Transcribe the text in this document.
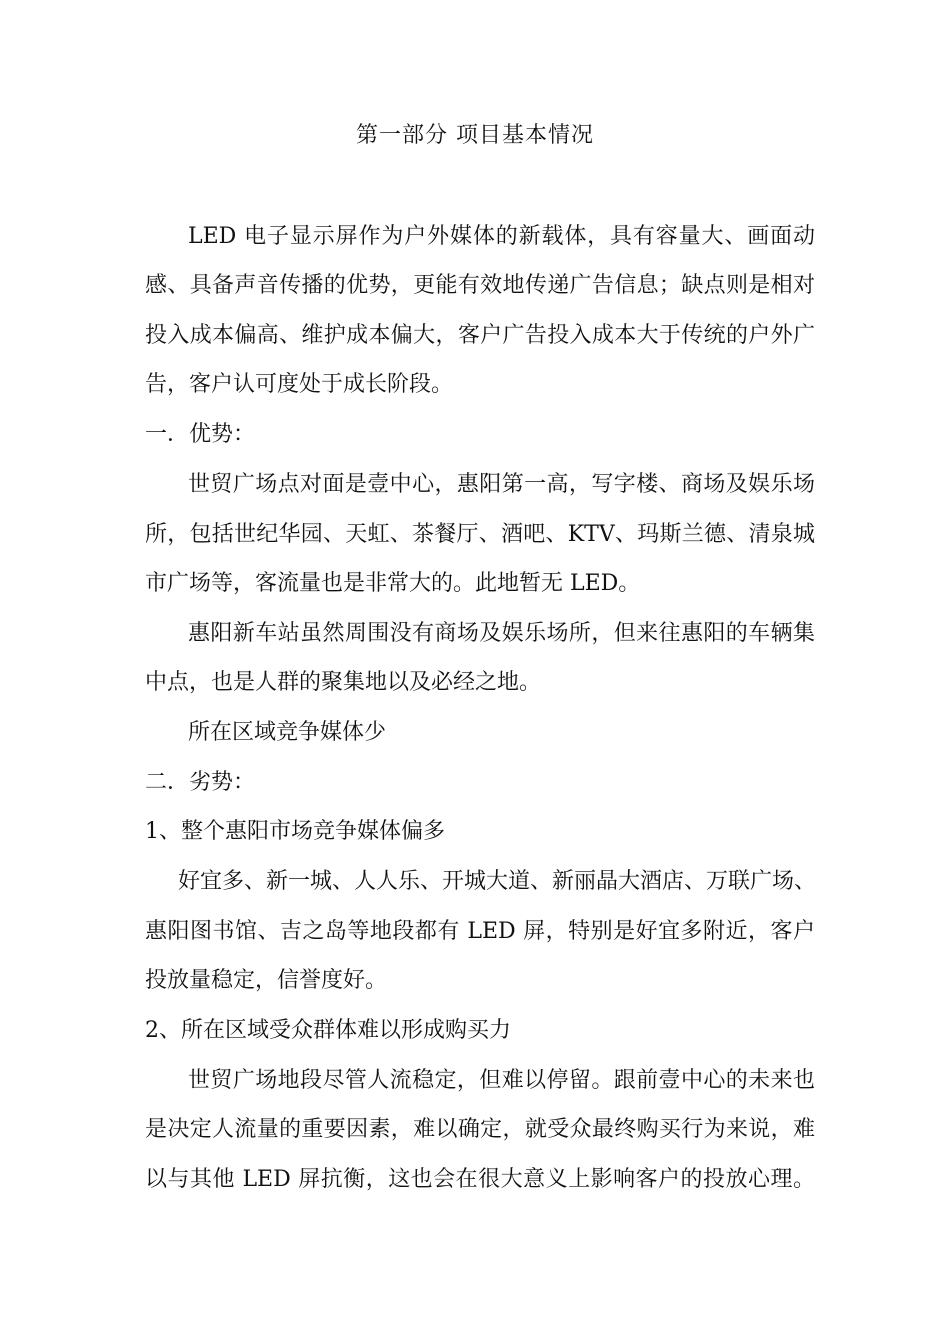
第一部分 项目基本情况
LED 电子显示屏作为户外媒体的新载体，具有容量大、画面动
感、具备声音传播的优势，更能有效地传递广告信息；缺点则是相对
投入成本偏高、维护成本偏大，客户广告投入成本大于传统的户外广
告，客户认可度处于成长阶段。
一．优势：
世贸广场点对面是壹中心，惠阳第一高，写字楼、商场及娱乐场
所，包括世纪华园、天虹、茶餐厅、酒吧、KTV、玛斯兰德、清泉城
市广场等，客流量也是非常大的。此地暂无 LED。
惠阳新车站虽然周围没有商场及娱乐场所，但来往惠阳的车辆集
中点，也是人群的聚集地以及必经之地。
所在区域竞争媒体少
二．劣势：
1、整个惠阳市场竞争媒体偏多
好宜多、新一城、人人乐、开城大道、新丽晶大酒店、万联广场、
惠阳图书馆、吉之岛等地段都有 LED 屏，特别是好宜多附近，客户
投放量稳定，信誉度好。
2、所在区域受众群体难以形成购买力
世贸广场地段尽管人流稳定，但难以停留。跟前壹中心的未来也
是决定人流量的重要因素，难以确定，就受众最终购买行为来说，难
以与其他 LED 屏抗衡，这也会在很大意义上影响客户的投放心理。
